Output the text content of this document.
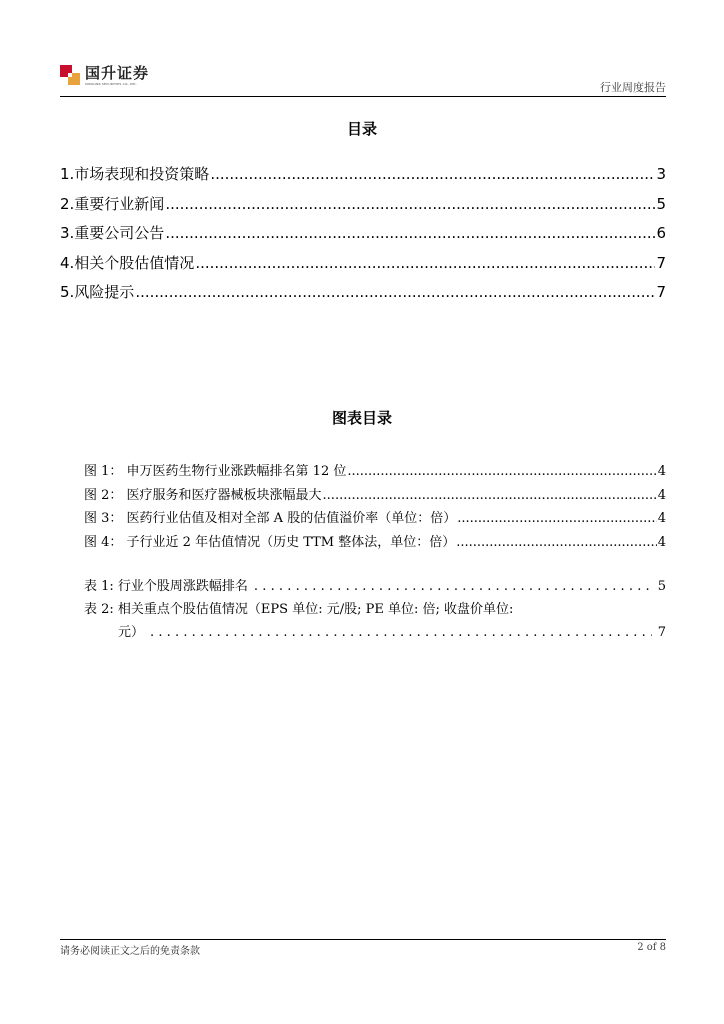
国升证券
SINOLINK SECURITIES CO.,LTD.	行业周度报告
目录
1.市场表现和投资策略 .....	3
2.重要行业新闻 .....	5
3.重要公司公告 .....	6
4.相关个股估值情况 .....	7
5.风险提示 .....	7
图表目录
图 1： 申万医药生物行业涨跌幅排名第 12 位 .....	4
图 2： 医疗服务和医疗器械板块涨幅最大 .....	4
图 3： 医药行业估值及相对全部 A 股的估值溢价率（单位：倍） .....	4
图 4： 子行业近 2 年估值情况（历史 TTM 整体法，单位：倍） .....	4
表 1: 行业个股周涨跌幅排名 .....	5
表 2: 相关重点个股估值情况（EPS 单位: 元/股; PE 单位: 倍; 收盘价单位:
元） .....	7
请务必阅读正文之后的免责条款	2 of 8
